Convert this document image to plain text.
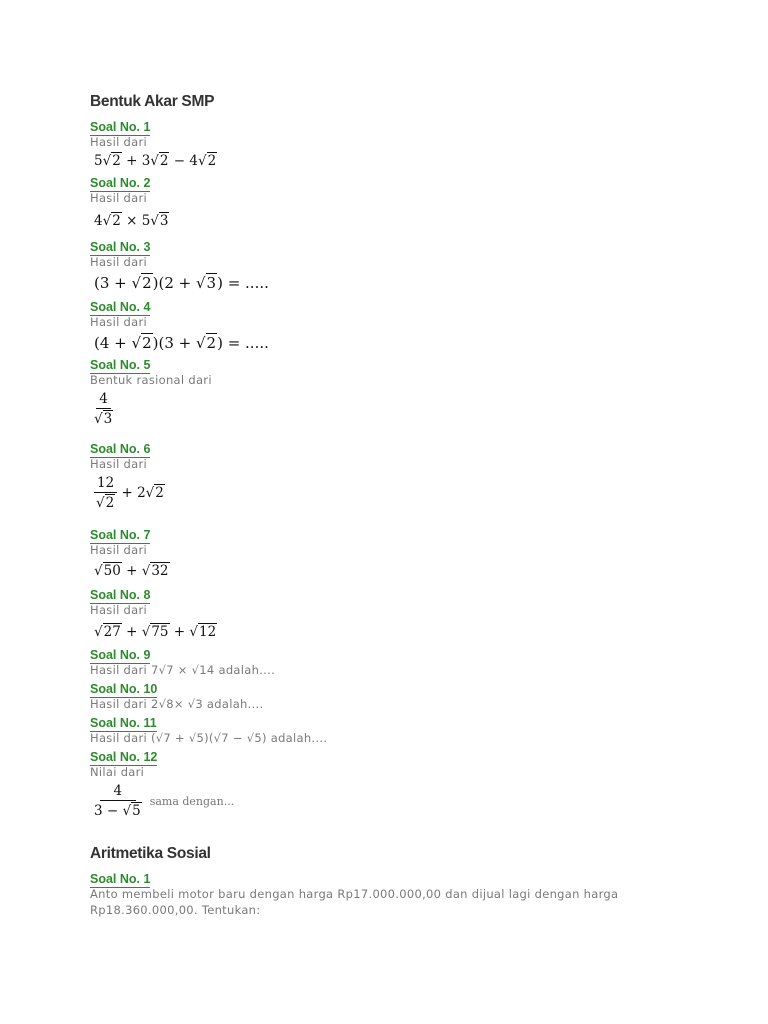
Bentuk Akar SMP
Soal No. 1
Hasil dari
5√2 + 3√2 − 4√2
Soal No. 2
Hasil dari
4√2 × 5√3
Soal No. 3
Hasil dari
(3 + √2)(2 + √3) = .....
Soal No. 4
Hasil dari
(4 + √2)(3 + √2) = .....
Soal No. 5
Bentuk rasional dari
$\frac{4}{√3}$
Soal No. 6
Hasil dari
$\frac{12}{√2} + 2√2$
Soal No. 7
Hasil dari
√50 + √32
Soal No. 8
Hasil dari
√27 + √75 + √12
Soal No. 9
Hasil dari 7√7 × √14 adalah....
Soal No. 10
Hasil dari 2√8× √3 adalah....
Soal No. 11
Hasil dari (√7 + √5)(√7 − √5) adalah....
Soal No. 12
Nilai dari
$\frac{4}{3 - √5}$ sama dengan...
Aritmetika Sosial
Soal No. 1
Anto membeli motor baru dengan harga Rp17.000.000,00 dan dijual lagi dengan harga Rp18.360.000,00. Tentukan:
